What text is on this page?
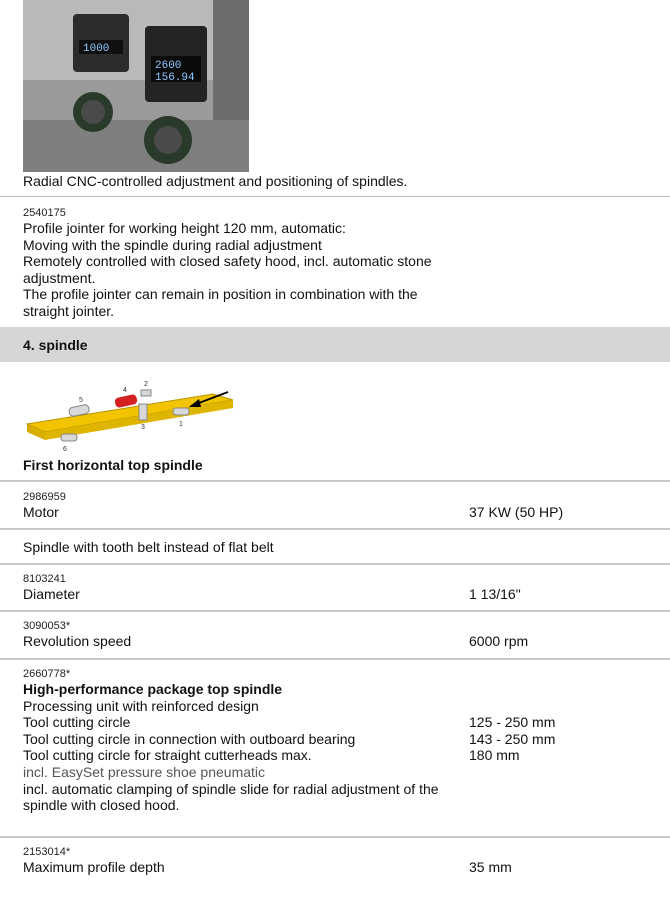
1000
2600
156.94
Radial CNC-controlled adjustment and positioning of spindles.
2540175
Profile jointer for working height 120 mm, automatic:
Moving with the spindle during radial adjustment
Remotely controlled with closed safety hood, incl. automatic stone
adjustment.
The profile jointer can remain in position in combination with the
straight jointer.
4. spindle
1
2
3
4
5
6
First horizontal top spindle
2986959
Motor	37 KW (50 HP)
Spindle with tooth belt instead of flat belt
8103241
Diameter	1 13/16"
3090053*
Revolution speed	6000 rpm
2660778*
High-performance package top spindle
Processing unit with reinforced design
Tool cutting circle	125 - 250 mm
Tool cutting circle in connection with outboard bearing	143 - 250 mm
Tool cutting circle for straight cutterheads max.	180 mm
incl. EasySet pressure shoe pneumatic
incl. automatic clamping of spindle slide for radial adjustment of the
spindle with closed hood.
2153014*
Maximum profile depth	35 mm
